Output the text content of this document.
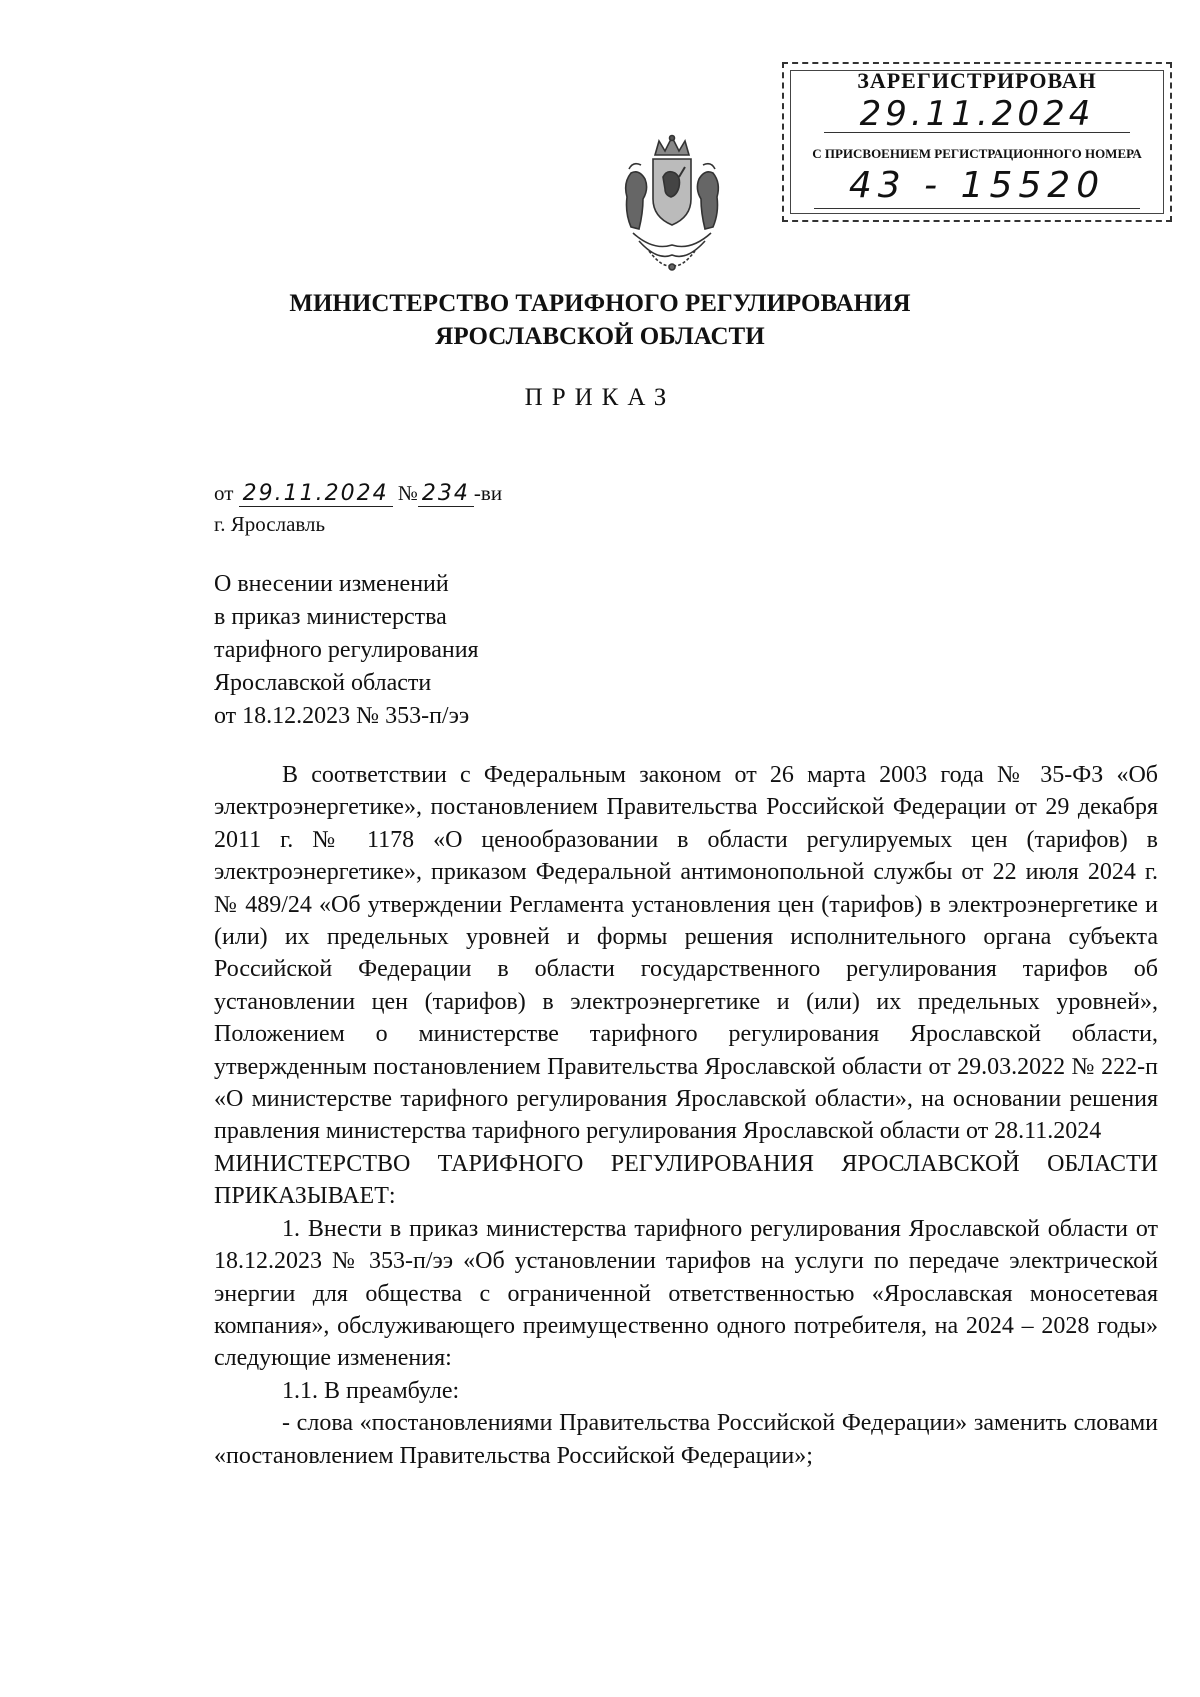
ЗАРЕГИСТРИРОВАН
29.11.2024
С ПРИСВОЕНИЕМ РЕГИСТРАЦИОННОГО НОМЕРА
43 - 15520
МИНИСТЕРСТВО ТАРИФНОГО РЕГУЛИРОВАНИЯ
ЯРОСЛАВСКОЙ ОБЛАСТИ
ПРИКАЗ
от 29.11.2024 № 234 -ви
г. Ярославль
О внесении изменений
в приказ министерства
тарифного регулирования
Ярославской области
от 18.12.2023 № 353-п/ээ

В соответствии с Федеральным законом от 26 марта 2003 года № 35-ФЗ «Об электроэнергетике», постановлением Правительства Российской Федерации от 29 декабря 2011 г. № 1178 «О ценообразовании в области регулируемых цен (тарифов) в электроэнергетике», приказом Федеральной антимонопольной службы от 22 июля 2024 г. № 489/24 «Об утверждении Регламента установления цен (тарифов) в электроэнергетике и (или) их предельных уровней и формы решения исполнительного органа субъекта Российской Федерации в области государственного регулирования тарифов об установлении цен (тарифов) в электроэнергетике и (или) их предельных уровней», Положением о министерстве тарифного регулирования Ярославской области, утвержденным постановлением Правительства Ярославской области от 29.03.2022 № 222-п «О министерстве тарифного регулирования Ярославской области», на основании решения правления министерства тарифного регулирования Ярославской области от 28.11.2024

МИНИСТЕРСТВО ТАРИФНОГО РЕГУЛИРОВАНИЯ ЯРОСЛАВСКОЙ ОБЛАСТИ ПРИКАЗЫВАЕТ:

1. Внести в приказ министерства тарифного регулирования Ярославской области от 18.12.2023 № 353-п/ээ «Об установлении тарифов на услуги по передаче электрической энергии для общества с ограниченной ответственностью «Ярославская моносетевая компания», обслуживающего преимущественно одного потребителя, на 2024 – 2028 годы» следующие изменения:

1.1. В преамбуле:

- слова «постановлениями Правительства Российской Федерации» заменить словами «постановлением Правительства Российской Федерации»;
